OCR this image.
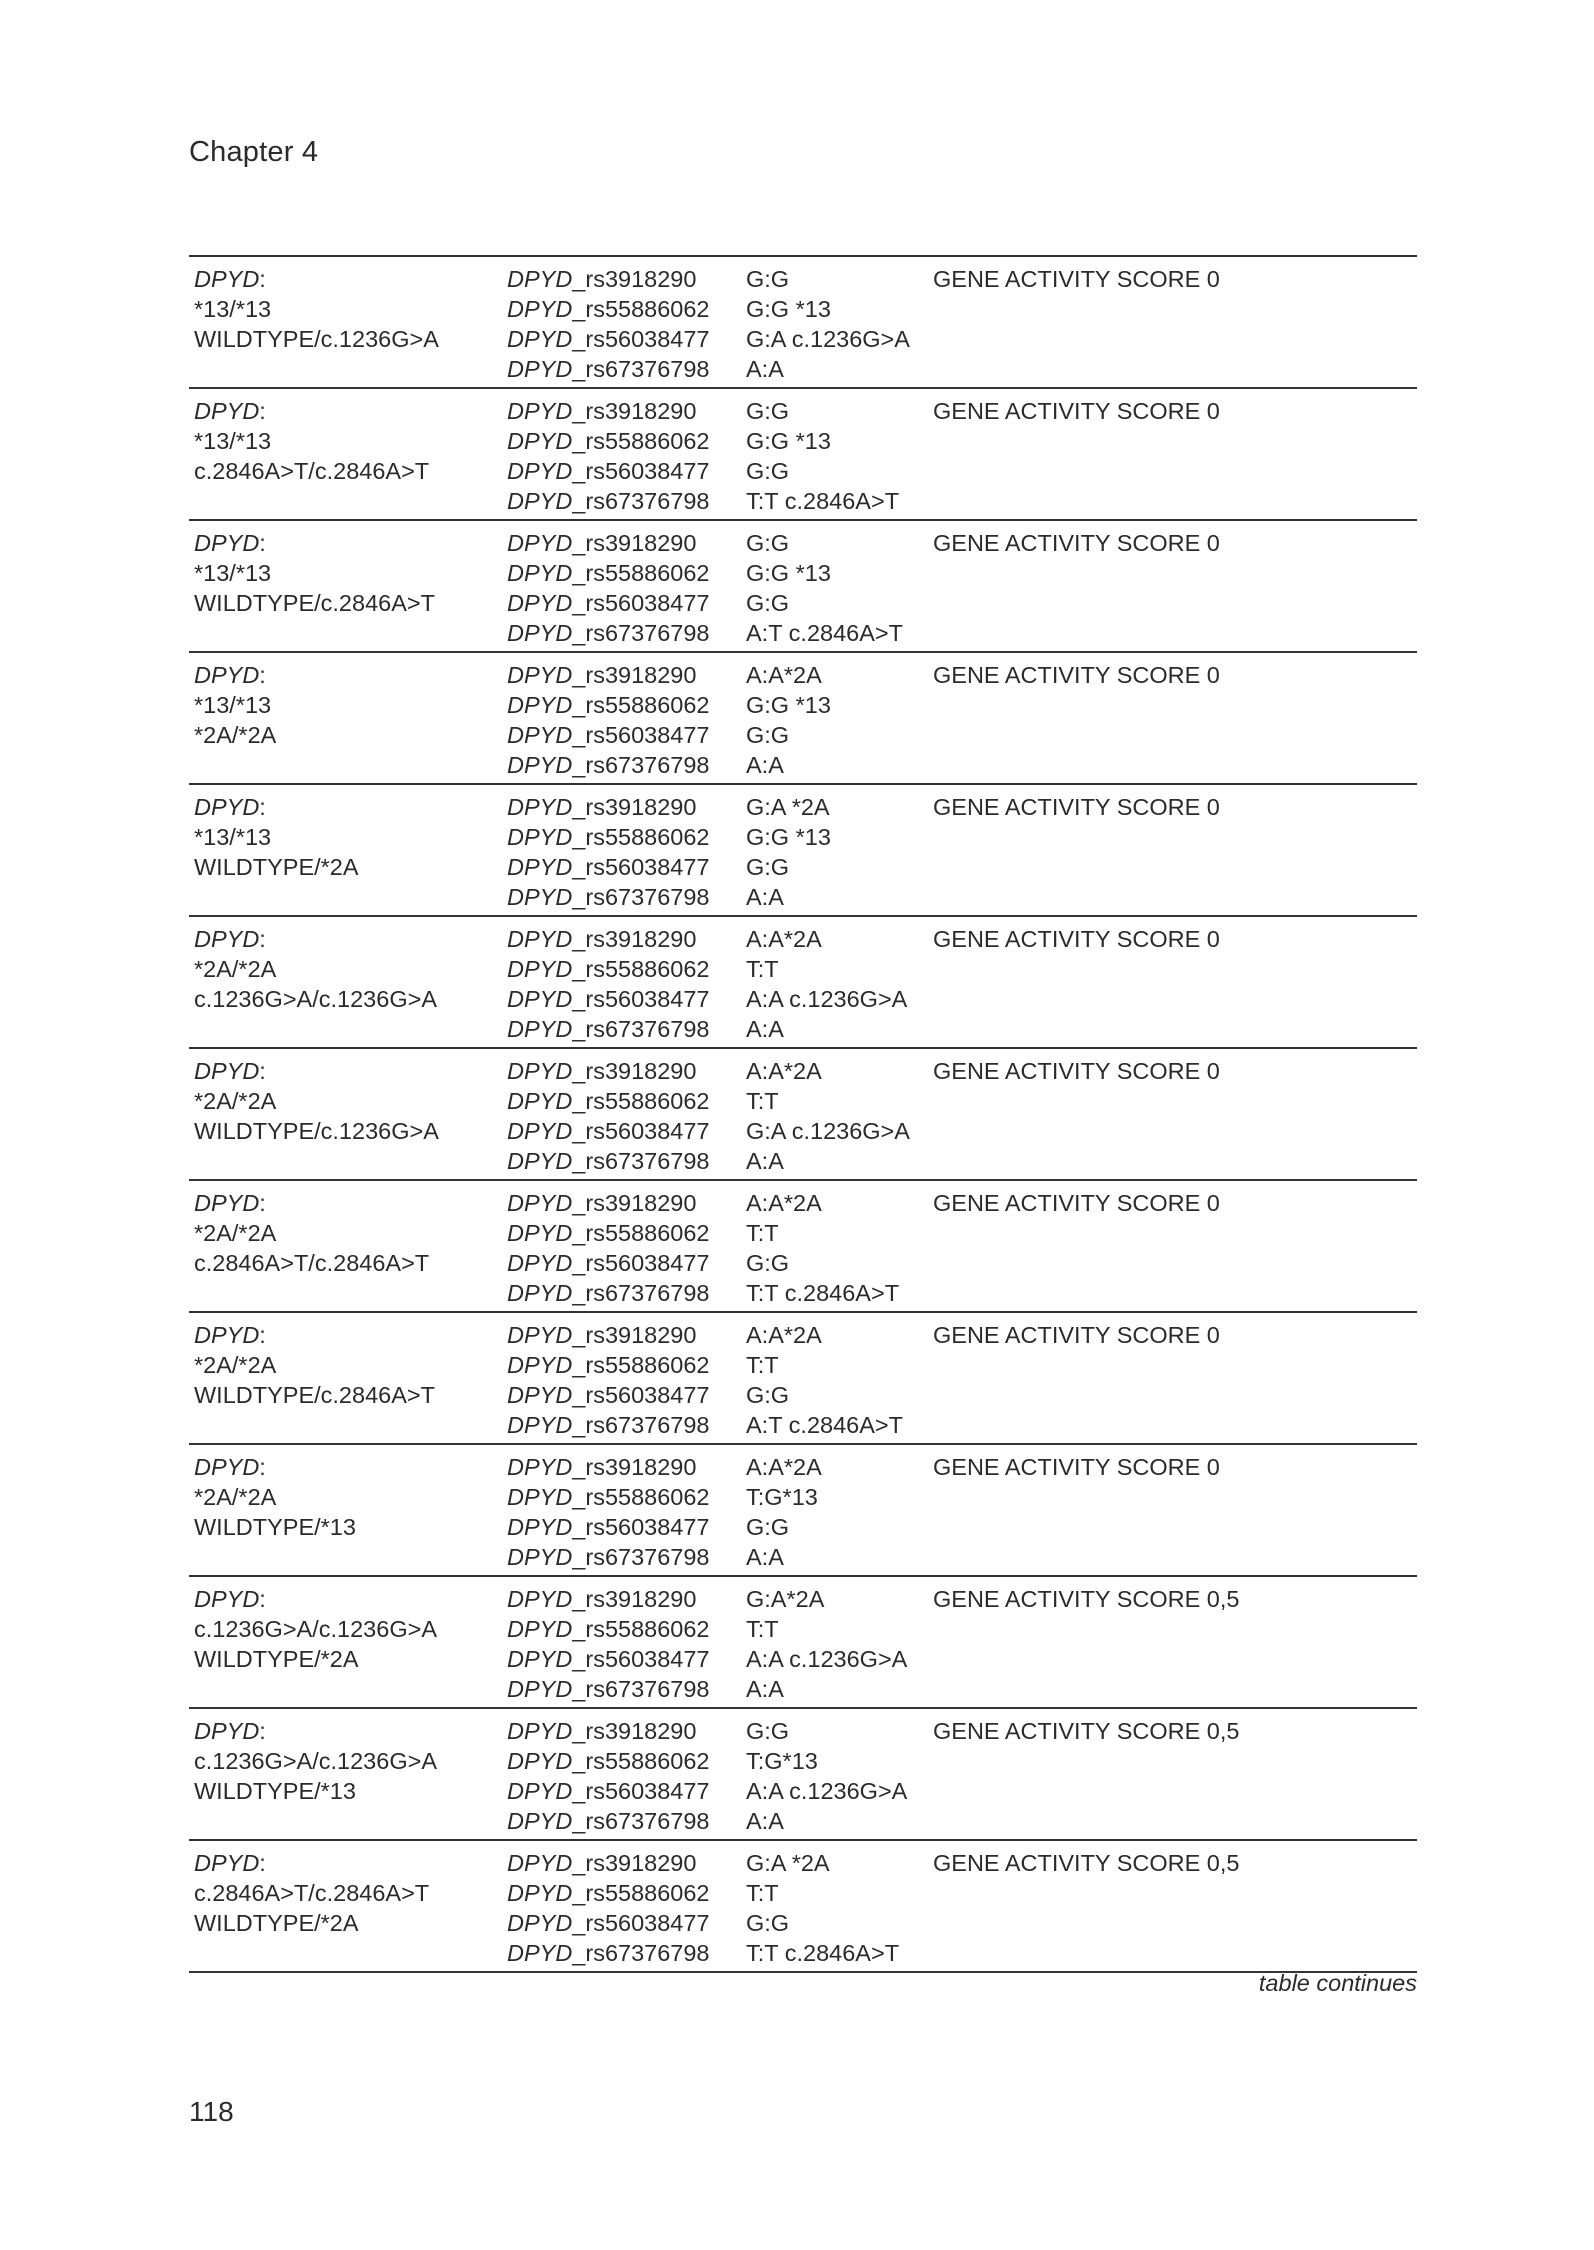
Chapter 4
DPYD:
*13/*13
WILDTYPE/c.1236G>A
DPYD_rs3918290
DPYD_rs55886062
DPYD_rs56038477
DPYD_rs67376798
G:G
G:G *13
G:A c.1236G>A
A:A
GENE ACTIVITY SCORE 0
DPYD:
*13/*13
c.2846A>T/c.2846A>T
DPYD_rs3918290
DPYD_rs55886062
DPYD_rs56038477
DPYD_rs67376798
G:G
G:G *13
G:G
T:T c.2846A>T
GENE ACTIVITY SCORE 0
DPYD:
*13/*13
WILDTYPE/c.2846A>T
DPYD_rs3918290
DPYD_rs55886062
DPYD_rs56038477
DPYD_rs67376798
G:G
G:G *13
G:G
A:T c.2846A>T
GENE ACTIVITY SCORE 0
DPYD:
*13/*13
*2A/*2A
DPYD_rs3918290
DPYD_rs55886062
DPYD_rs56038477
DPYD_rs67376798
A:A*2A
G:G *13
G:G
A:A
GENE ACTIVITY SCORE 0
DPYD:
*13/*13
WILDTYPE/*2A
DPYD_rs3918290
DPYD_rs55886062
DPYD_rs56038477
DPYD_rs67376798
G:A *2A
G:G *13
G:G
A:A
GENE ACTIVITY SCORE 0
DPYD:
*2A/*2A
c.1236G>A/c.1236G>A
DPYD_rs3918290
DPYD_rs55886062
DPYD_rs56038477
DPYD_rs67376798
A:A*2A
T:T
A:A c.1236G>A
A:A
GENE ACTIVITY SCORE 0
DPYD:
*2A/*2A
WILDTYPE/c.1236G>A
DPYD_rs3918290
DPYD_rs55886062
DPYD_rs56038477
DPYD_rs67376798
A:A*2A
T:T
G:A c.1236G>A
A:A
GENE ACTIVITY SCORE 0
DPYD:
*2A/*2A
c.2846A>T/c.2846A>T
DPYD_rs3918290
DPYD_rs55886062
DPYD_rs56038477
DPYD_rs67376798
A:A*2A
T:T
G:G
T:T c.2846A>T
GENE ACTIVITY SCORE 0
DPYD:
*2A/*2A
WILDTYPE/c.2846A>T
DPYD_rs3918290
DPYD_rs55886062
DPYD_rs56038477
DPYD_rs67376798
A:A*2A
T:T
G:G
A:T c.2846A>T
GENE ACTIVITY SCORE 0
DPYD:
*2A/*2A
WILDTYPE/*13
DPYD_rs3918290
DPYD_rs55886062
DPYD_rs56038477
DPYD_rs67376798
A:A*2A
T:G*13
G:G
A:A
GENE ACTIVITY SCORE 0
DPYD:
c.1236G>A/c.1236G>A
WILDTYPE/*2A
DPYD_rs3918290
DPYD_rs55886062
DPYD_rs56038477
DPYD_rs67376798
G:A*2A
T:T
A:A c.1236G>A
A:A
GENE ACTIVITY SCORE 0,5
DPYD:
c.1236G>A/c.1236G>A
WILDTYPE/*13
DPYD_rs3918290
DPYD_rs55886062
DPYD_rs56038477
DPYD_rs67376798
G:G
T:G*13
A:A c.1236G>A
A:A
GENE ACTIVITY SCORE 0,5
DPYD:
c.2846A>T/c.2846A>T
WILDTYPE/*2A
DPYD_rs3918290
DPYD_rs55886062
DPYD_rs56038477
DPYD_rs67376798
G:A *2A
T:T
G:G
T:T c.2846A>T
GENE ACTIVITY SCORE 0,5
table continues
118
